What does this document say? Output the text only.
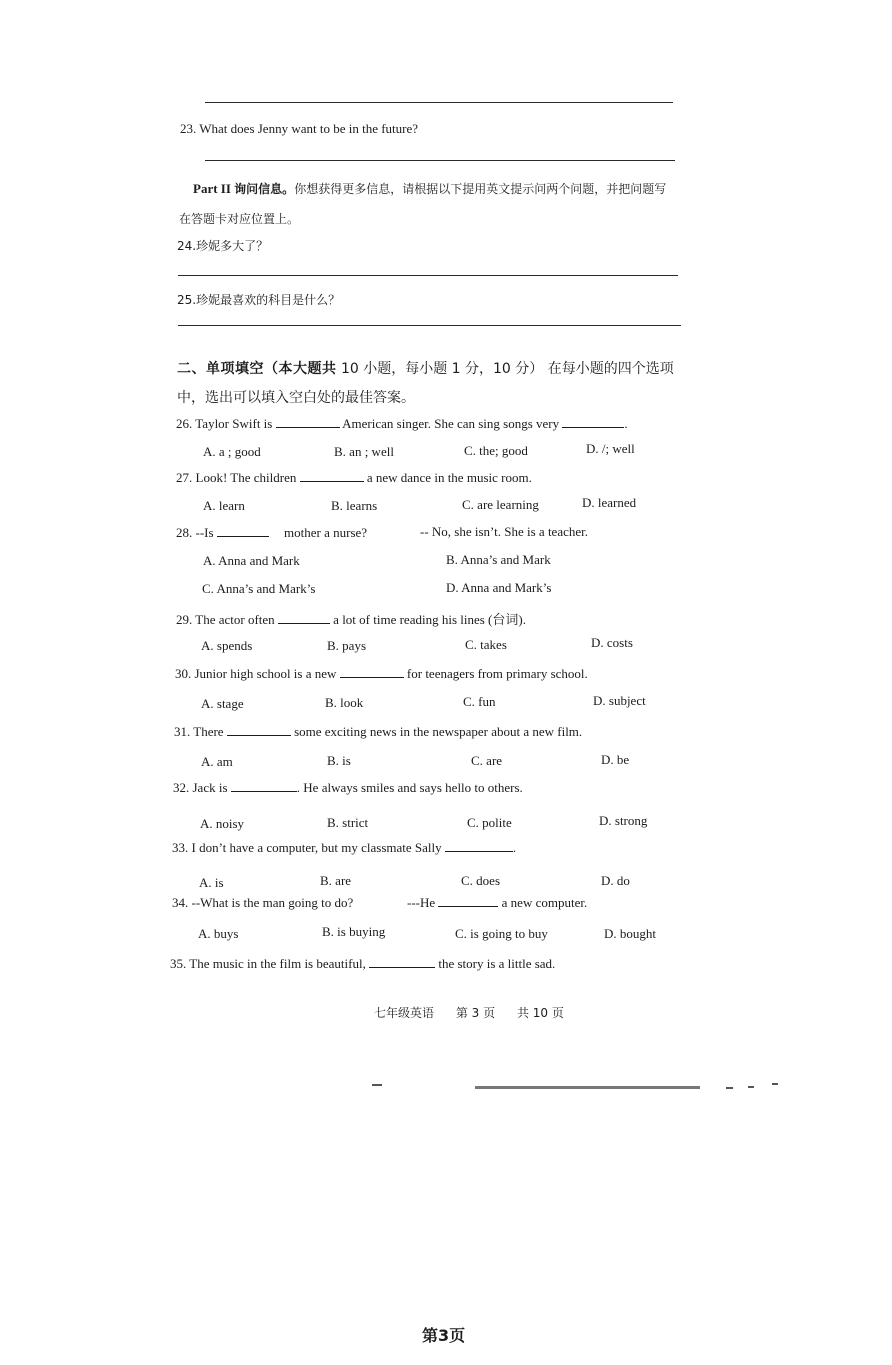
23. What does Jenny want to be in the future?
Part II 询问信息。你想获得更多信息，请根据以下提用英文提示问两个问题，并把问题写
在答题卡对应位置上。
24.珍妮多大了？
25.珍妮最喜欢的科目是什么？
二、单项填空（本大题共 10 小题，每小题 1 分，10 分） 在每小题的四个选项
中，选出可以填入空白处的最佳答案。
26. Taylor Swift is	American singer. She can sing songs very	.
A. a ; good	B. an ; well	C. the; good	D. /; well
27. Look! The children	a new dance in the music room.
A. learn	B. learns	C. are learning	D. learned
28. --Is	mother a nurse?	-- No, she isn’t. She is a teacher.
A. Anna and Mark	B. Anna’s and Mark
C. Anna’s and Mark’s	D. Anna and Mark’s
29. The actor often	a lot of time reading his lines (台词).
A. spends	B. pays	C. takes	D. costs
30. Junior high school is a new	for teenagers from primary school.
A. stage	B. look	C. fun	D. subject
31. There	some exciting news in the newspaper about a new film.
A. am	B. is	C. are	D. be
32. Jack is	. He always smiles and says hello to others.
A. noisy	B. strict	C. polite	D. strong
33. I don’t have a computer, but my classmate Sally	.
A. is	B. are	C. does	D. do
34. --What is the man going to do?	---He	a new computer.
A. buys	B. is buying	C. is going to buy	D. bought
35. The music in the film is beautiful,	the story is a little sad.
七年级英语 第 3 页 共 10 页
第3页
